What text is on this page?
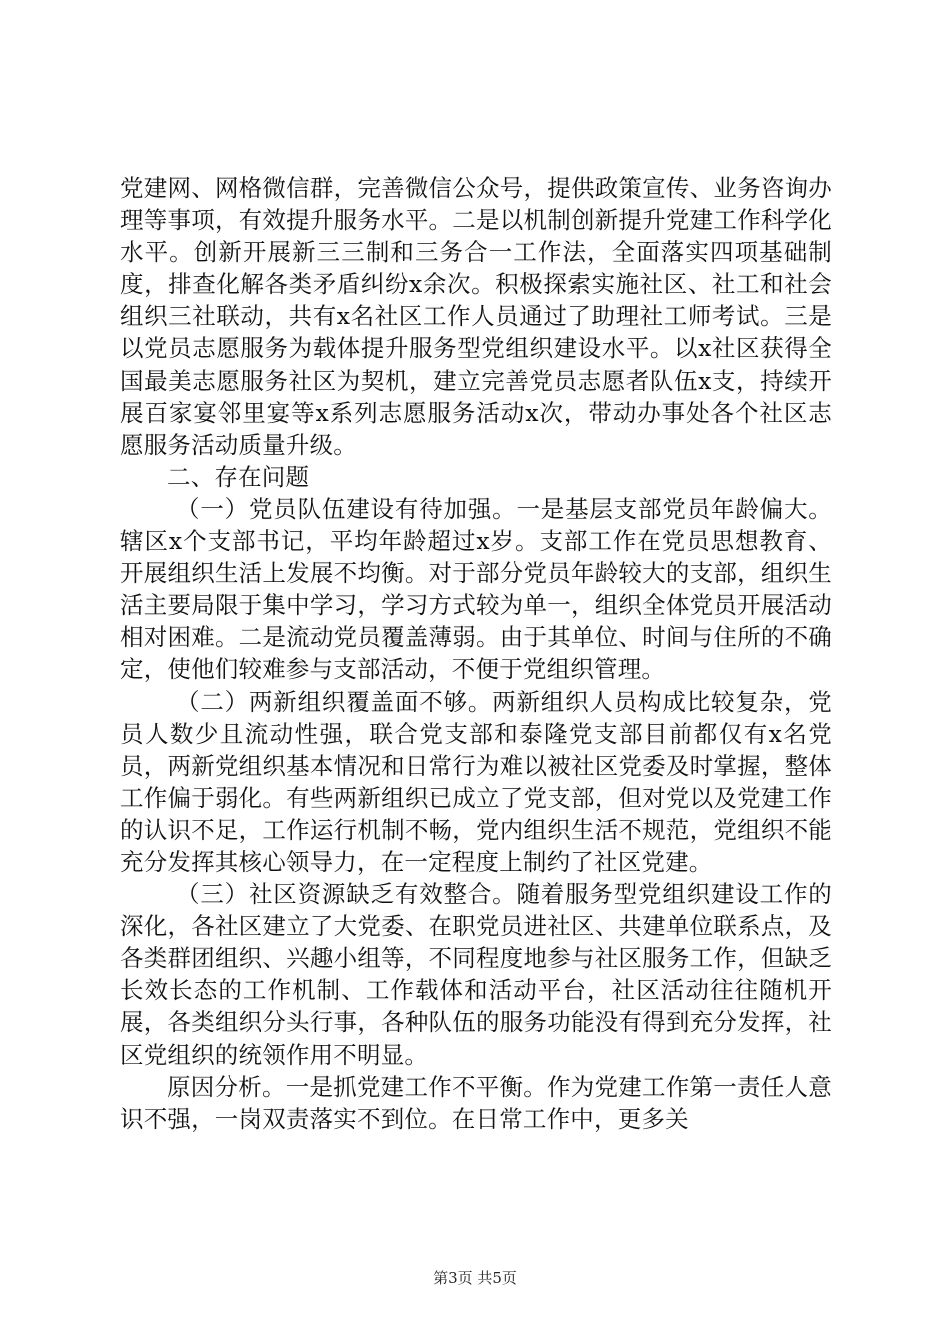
党建网、网格微信群，完善微信公众号，提供政策宣传、业务咨询办理等事项，有效提升服务水平。二是以机制创新提升党建工作科学化水平。创新开展新三三制和三务合一工作法，全面落实四项基础制度，排查化解各类矛盾纠纷x余次。积极探索实施社区、社工和社会组织三社联动，共有x名社区工作人员通过了助理社工师考试。三是以党员志愿服务为载体提升服务型党组织建设水平。以x社区获得全国最美志愿服务社区为契机，建立完善党员志愿者队伍x支，持续开展百家宴邻里宴等x系列志愿服务活动x次，带动办事处各个社区志愿服务活动质量升级。

二、存在问题

（一）党员队伍建设有待加强。一是基层支部党员年龄偏大。辖区x个支部书记，平均年龄超过x岁。支部工作在党员思想教育、开展组织生活上发展不均衡。对于部分党员年龄较大的支部，组织生活主要局限于集中学习，学习方式较为单一，组织全体党员开展活动相对困难。二是流动党员覆盖薄弱。由于其单位、时间与住所的不确定，使他们较难参与支部活动，不便于党组织管理。

（二）两新组织覆盖面不够。两新组织人员构成比较复杂，党员人数少且流动性强，联合党支部和泰隆党支部目前都仅有x名党员，两新党组织基本情况和日常行为难以被社区党委及时掌握，整体工作偏于弱化。有些两新组织已成立了党支部，但对党以及党建工作的认识不足，工作运行机制不畅，党内组织生活不规范，党组织不能充分发挥其核心领导力，在一定程度上制约了社区党建。

（三）社区资源缺乏有效整合。随着服务型党组织建设工作的深化，各社区建立了大党委、在职党员进社区、共建单位联系点，及各类群团组织、兴趣小组等，不同程度地参与社区服务工作，但缺乏长效长态的工作机制、工作载体和活动平台，社区活动往往随机开展，各类组织分头行事，各种队伍的服务功能没有得到充分发挥，社区党组织的统领作用不明显。

原因分析。一是抓党建工作不平衡。作为党建工作第一责任人意识不强，一岗双责落实不到位。在日常工作中，更多关

第3页 共5页
